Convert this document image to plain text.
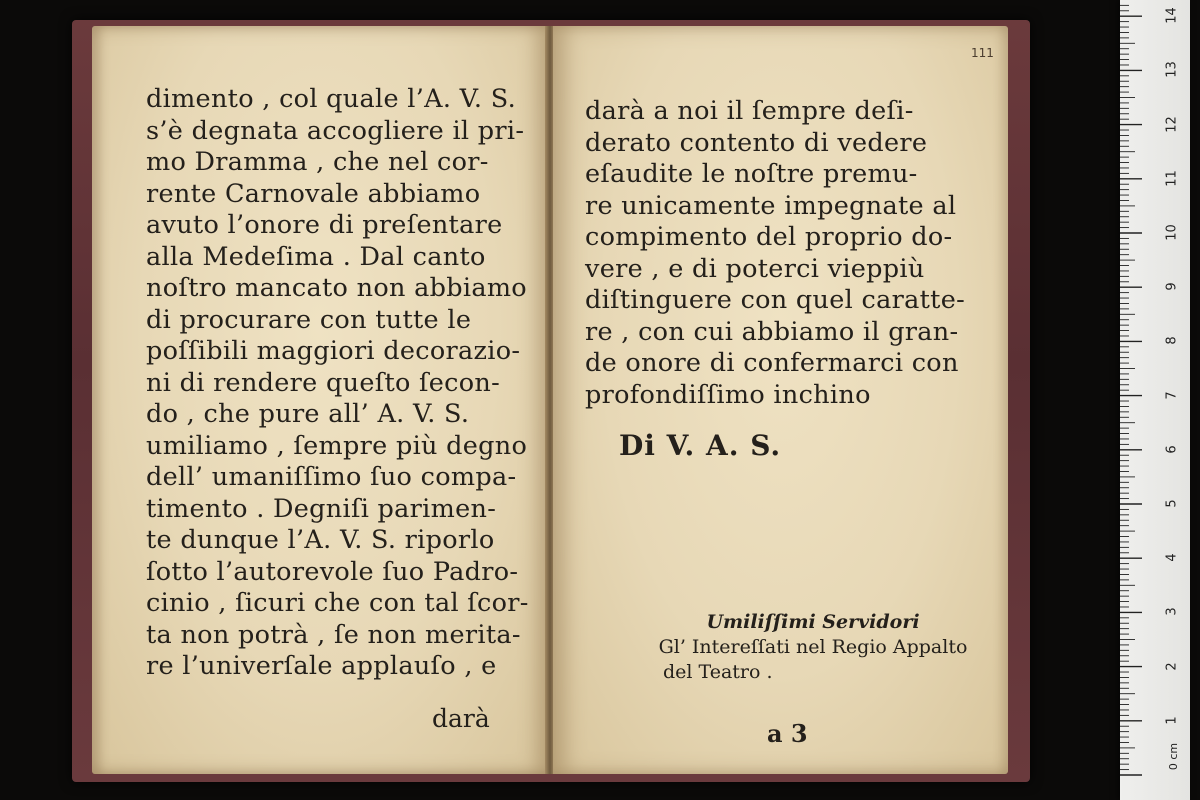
dimento , col quale l’A. V. S.
s’è degnata accogliere il pri-
mo Dramma , che nel cor-
rente Carnovale abbiamo
avuto l’onore di preſentare
alla Medeſima . Dal canto
noſtro mancato non abbiamo
di procurare con tutte le
poſſibili maggiori decorazio-
ni di rendere queſto ſecon-
do , che pure all’ A. V. S.
umiliamo , ſempre più degno
dell’ umaniſſimo ſuo compa-
timento . Degniſi parimen-
te dunque l’A. V. S. riporlo
ſotto l’autorevole ſuo Padro-
cinio , ſicuri che con tal ſcor-
ta non potrà , ſe non merita-
re l’univerſale applauſo , e
darà
111
darà a noi il ſempre deſi-
derato contento di vedere
eſaudite le noſtre premu-
re unicamente impegnate al
compimento del proprio do-
vere , e di poterci vieppiù
diſtinguere con quel caratte-
re , con cui abbiamo il gran-
de onore di confermarci con
profondiſſimo inchino
Di V. A. S.
Umiliſſimi Servidori
Gl’ Intereſſati nel Regio Appalto
del Teatro .
a 3	1
2
3
4
5
6
7
8
9
10
11
12
13
14
0 cm
